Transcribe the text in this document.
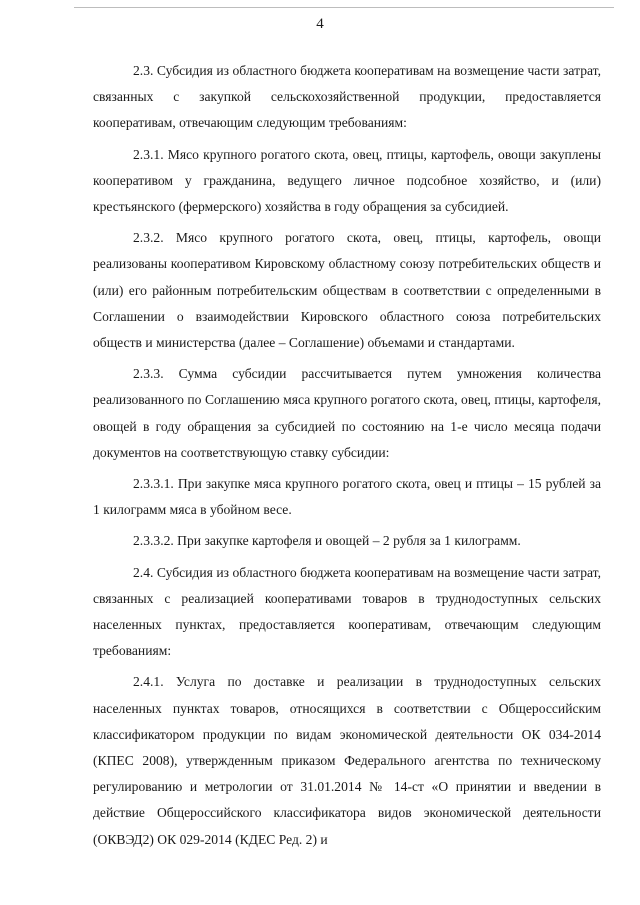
4

2.3. Субсидия из областного бюджета кооперативам на возмещение части затрат, связанных с закупкой сельскохозяйственной продукции, предоставляется кооперативам, отвечающим следующим требованиям:

2.3.1. Мясо крупного рогатого скота, овец, птицы, картофель, овощи закуплены кооперативом у гражданина, ведущего личное подсобное хозяйство, и (или) крестьянского (фермерского) хозяйства в году обращения за субсидией.

2.3.2. Мясо крупного рогатого скота, овец, птицы, картофель, овощи реализованы кооперативом Кировскому областному союзу потребительских обществ и (или) его районным потребительским обществам в соответствии с определенными в Соглашении о взаимодействии Кировского областного союза потребительских обществ и министерства (далее – Соглашение) объемами и стандартами.

2.3.3. Сумма субсидии рассчитывается путем умножения количества реализованного по Соглашению мяса крупного рогатого скота, овец, птицы, картофеля, овощей в году обращения за субсидией по состоянию на 1-е число месяца подачи документов на соответствующую ставку субсидии:

2.3.3.1. При закупке мяса крупного рогатого скота, овец и птицы – 15 рублей за 1 килограмм мяса в убойном весе.

2.3.3.2. При закупке картофеля и овощей – 2 рубля за 1 килограмм.

2.4. Субсидия из областного бюджета кооперативам на возмещение части затрат, связанных с реализацией кооперативами товаров в труднодоступных сельских населенных пунктах, предоставляется кооперативам, отвечающим следующим требованиям:

2.4.1. Услуга по доставке и реализации в труднодоступных сельских населенных пунктах товаров, относящихся в соответствии с Общероссийским классификатором продукции по видам экономической деятельности ОК 034-2014 (КПЕС 2008), утвержденным приказом Федерального агентства по техническому регулированию и метрологии от 31.01.2014 № 14-ст «О принятии и введении в действие Общероссийского классификатора видов экономической деятельности (ОКВЭД2) ОК 029-2014 (КДЕС Ред. 2) и
